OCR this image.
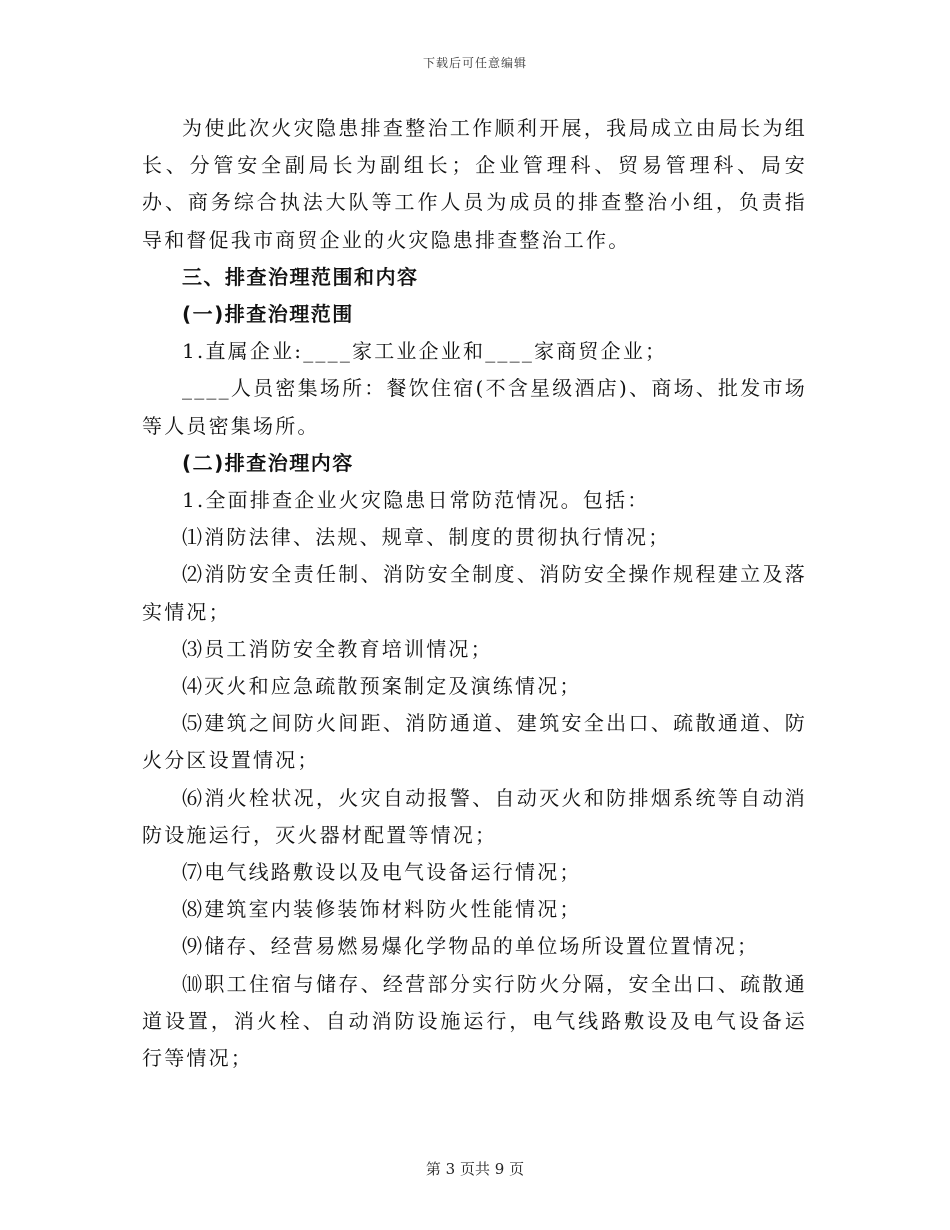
下载后可任意编辑

为使此次火灾隐患排查整治工作顺利开展，我局成立由局长为组长、分管安全副局长为副组长；企业管理科、贸易管理科、局安办、商务综合执法大队等工作人员为成员的排查整治小组，负责指导和督促我市商贸企业的火灾隐患排查整治工作。

三、排查治理范围和内容

(一)排查治理范围

1.直属企业:____家工业企业和____家商贸企业；

____人员密集场所：餐饮住宿(不含星级酒店)、商场、批发市场等人员密集场所。

(二)排查治理内容

1.全面排查企业火灾隐患日常防范情况。包括：

⑴消防法律、法规、规章、制度的贯彻执行情况；

⑵消防安全责任制、消防安全制度、消防安全操作规程建立及落实情况；

⑶员工消防安全教育培训情况；

⑷灭火和应急疏散预案制定及演练情况；

⑸建筑之间防火间距、消防通道、建筑安全出口、疏散通道、防火分区设置情况；

⑹消火栓状况，火灾自动报警、自动灭火和防排烟系统等自动消防设施运行，灭火器材配置等情况；

⑺电气线路敷设以及电气设备运行情况；

⑻建筑室内装修装饰材料防火性能情况；

⑼储存、经营易燃易爆化学物品的单位场所设置位置情况；

⑽职工住宿与储存、经营部分实行防火分隔，安全出口、疏散通道设置，消火栓、自动消防设施运行，电气线路敷设及电气设备运行等情况；

第 3 页共 9 页
